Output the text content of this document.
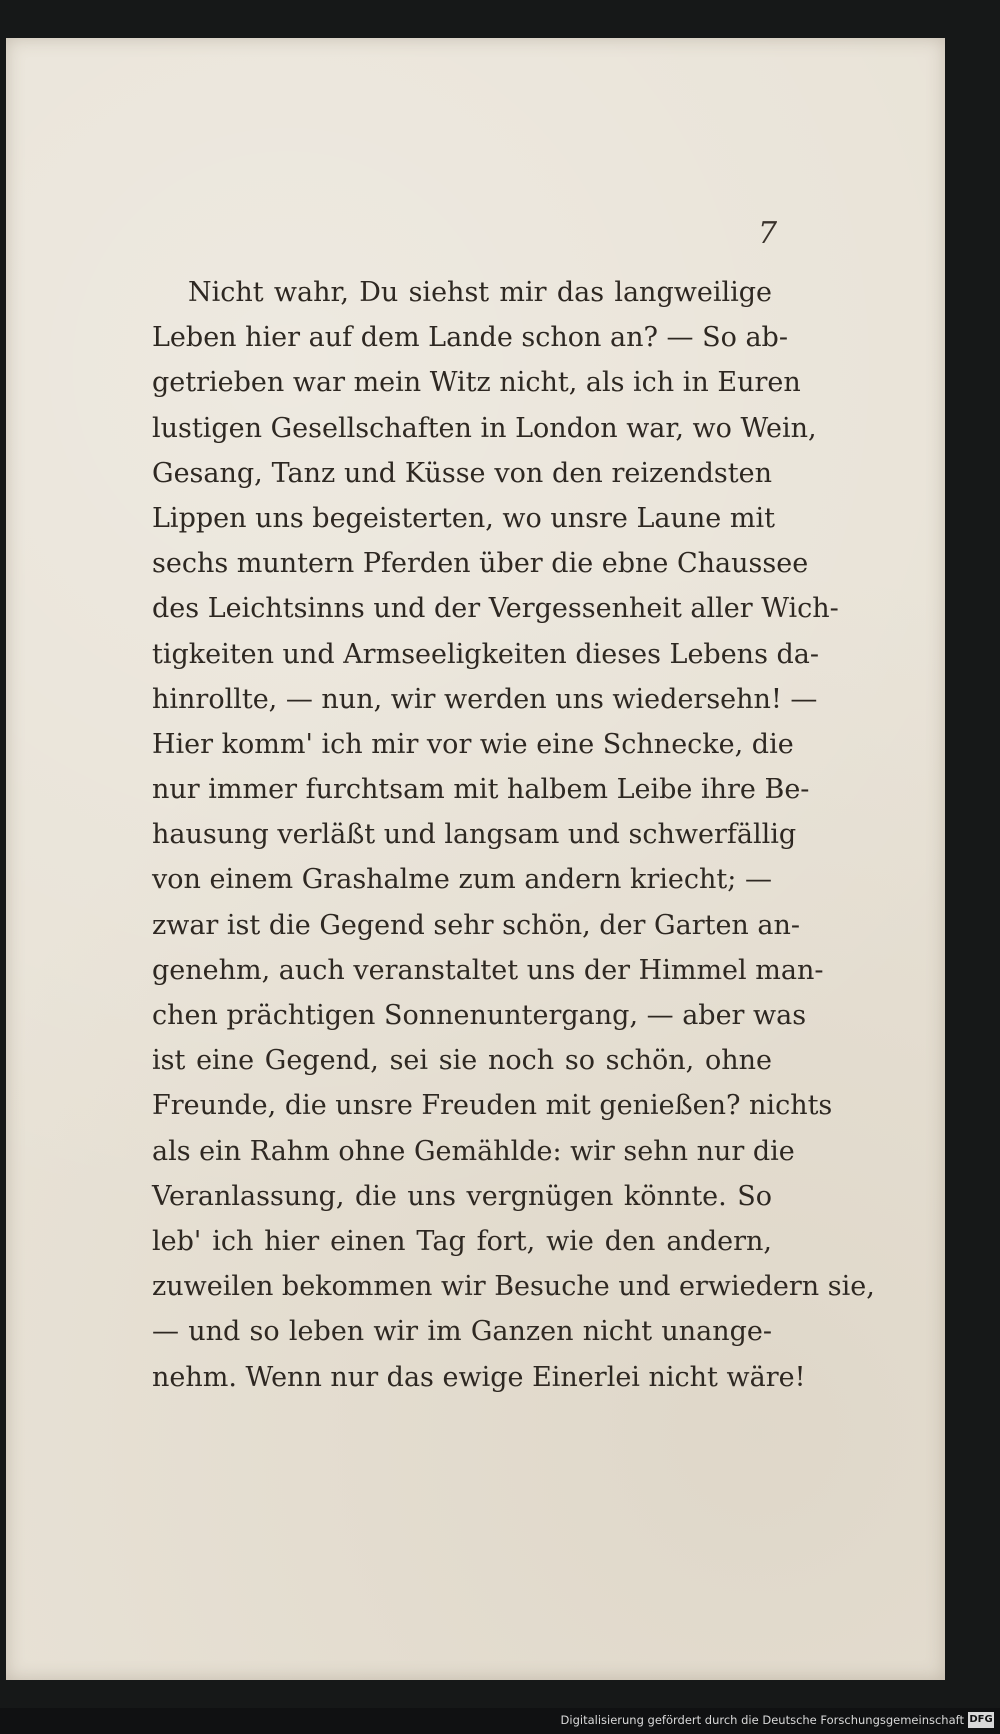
7
Nicht wahr, Du siehst mir das langweilige
Leben hier auf dem Lande schon an? — So ab-
getrieben war mein Witz nicht, als ich in Euren
lustigen Gesellschaften in London war, wo Wein,
Gesang, Tanz und Küsse von den reizendsten
Lippen uns begeisterten, wo unsre Laune mit
sechs muntern Pferden über die ebne Chaussee
des Leichtsinns und der Vergessenheit aller Wich-
tigkeiten und Armseeligkeiten dieses Lebens da-
hinrollte, — nun, wir werden uns wiedersehn! —
Hier komm' ich mir vor wie eine Schnecke, die
nur immer furchtsam mit halbem Leibe ihre Be-
hausung verläßt und langsam und schwerfällig
von einem Grashalme zum andern kriecht; —
zwar ist die Gegend sehr schön, der Garten an-
genehm, auch veranstaltet uns der Himmel man-
chen prächtigen Sonnenuntergang, — aber was
ist eine Gegend, sei sie noch so schön, ohne
Freunde, die unsre Freuden mit genießen? nichts
als ein Rahm ohne Gemählde: wir sehn nur die
Veranlassung, die uns vergnügen könnte. So
leb' ich hier einen Tag fort, wie den andern,
zuweilen bekommen wir Besuche und erwiedern sie,
— und so leben wir im Ganzen nicht unange-
nehm. Wenn nur das ewige Einerlei nicht wäre!
Digitalisierung gefördert durch die Deutsche Forschungsgemeinschaft DFG
